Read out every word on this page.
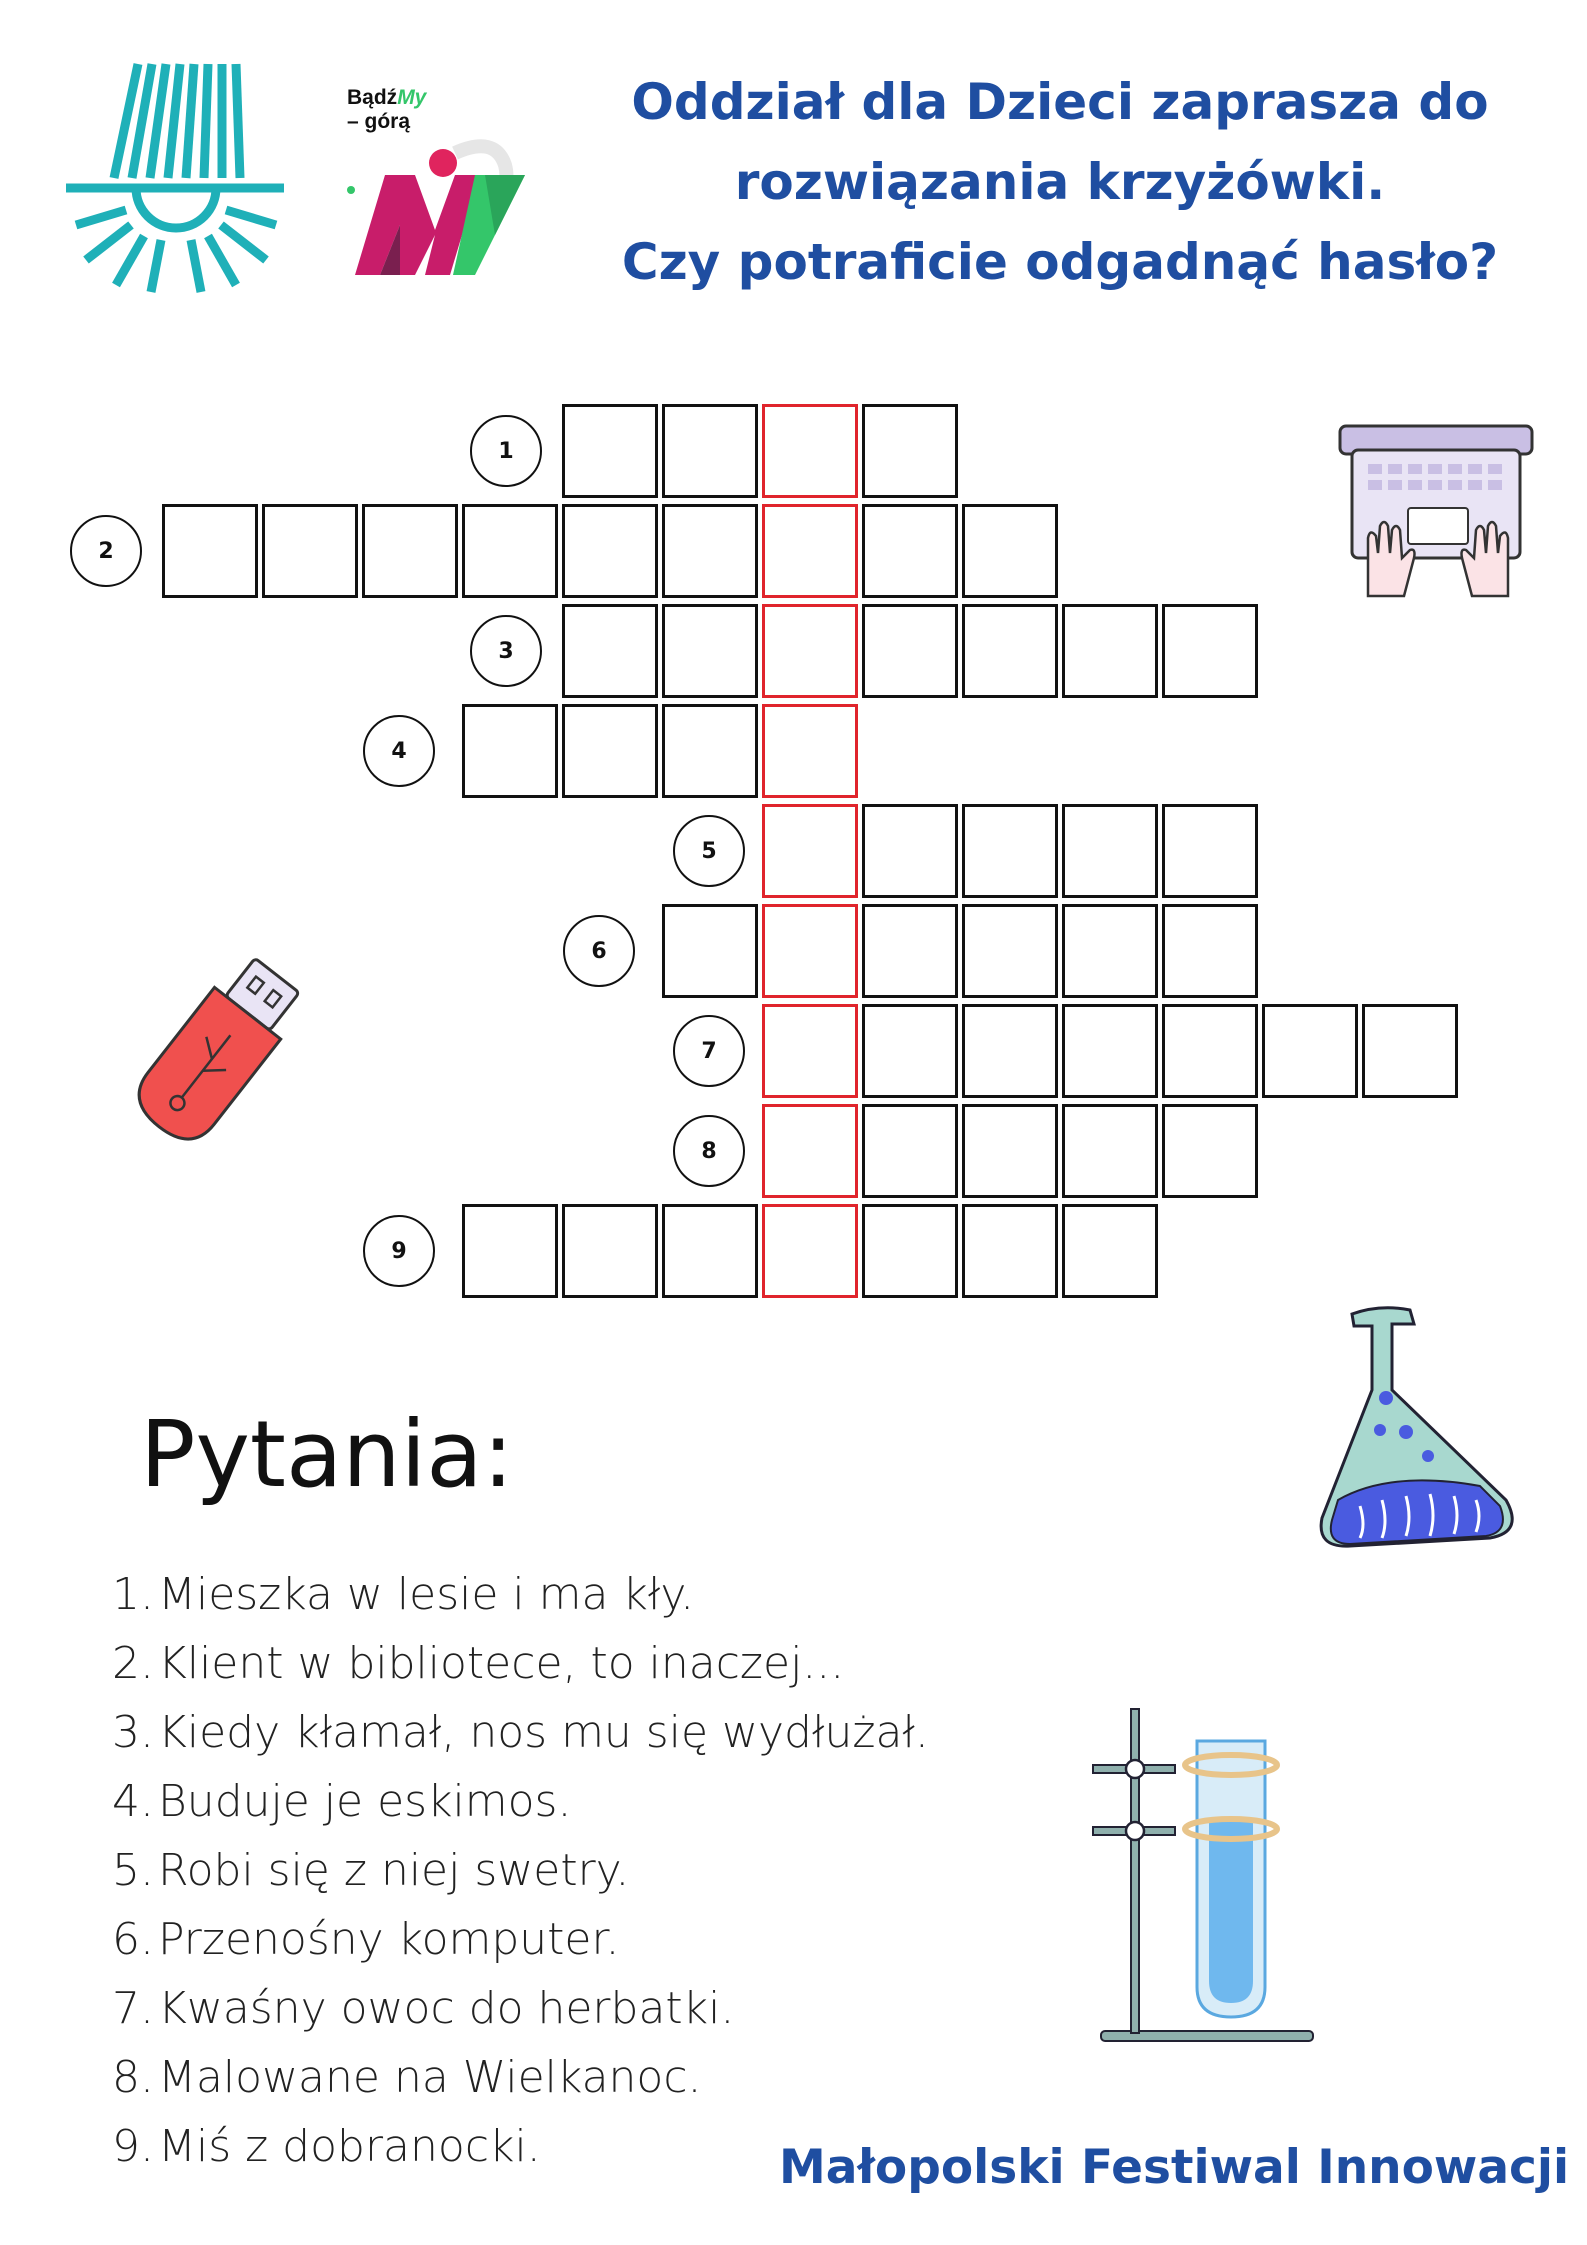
BądźMy
– górą	Oddział dla Dzieci zaprasza do
rozwiązania krzyżówki.
Czy potraficie odgadnąć hasło?
1
2
3
4
5
6
7
8
9
Pytania:
1.Mieszka w lesie i ma kły.
2.Klient w bibliotece, to inaczej...
3.Kiedy kłamał, nos mu się wydłużał.
4.Buduje je eskimos.
5.Robi się z niej swetry.
6.Przenośny komputer.
7.Kwaśny owoc do herbatki.
8.Malowane na Wielkanoc.
9.Miś z dobranocki.	Małopolski Festiwal Innowacji
